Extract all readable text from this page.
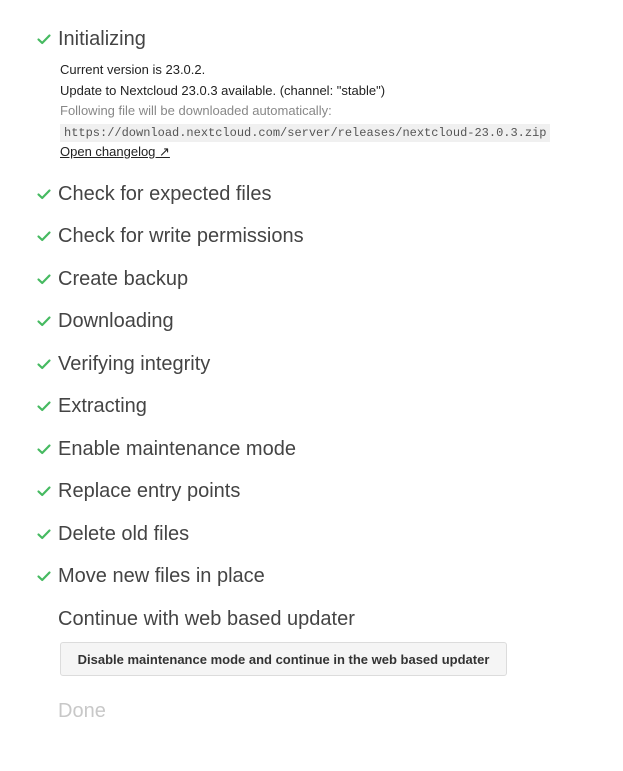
Initializing
Current version is 23.0.2.
Update to Nextcloud 23.0.3 available. (channel: "stable")
Following file will be downloaded automatically:
https://download.nextcloud.com/server/releases/nextcloud-23.0.3.zip
Open changelog ↗
Check for expected files
Check for write permissions
Create backup
Downloading
Verifying integrity
Extracting
Enable maintenance mode
Replace entry points
Delete old files
Move new files in place
Continue with web based updater
Disable maintenance mode and continue in the web based updater
Done
